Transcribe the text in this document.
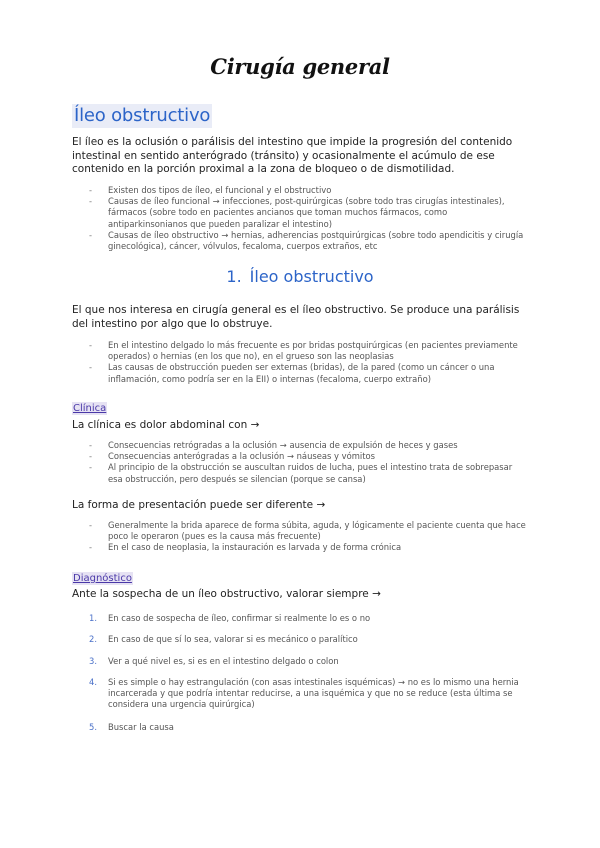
Cirugía general
Íleo obstructivo

El íleo es la oclusión o parálisis del intestino que impide la progresión del contenido intestinal en sentido anterógrado (tránsito) y ocasionalmente el acúmulo de ese contenido en la porción proximal a la zona de bloqueo o de dismotilidad.

- Existen dos tipos de íleo, el funcional y el obstructivo
- Causas de íleo funcional → infecciones, post-quirúrgicas (sobre todo tras cirugías intestinales), fármacos (sobre todo en pacientes ancianos que toman muchos fármacos, como antiparkinsonianos que pueden paralizar el intestino)
- Causas de íleo obstructivo → hernias, adherencias postquirúrgicas (sobre todo apendicitis y cirugía ginecológica), cáncer, vólvulos, fecaloma, cuerpos extraños, etc
1. Íleo obstructivo

El que nos interesa en cirugía general es el íleo obstructivo. Se produce una parálisis del intestino por algo que lo obstruye.

- En el intestino delgado lo más frecuente es por bridas postquirúrgicas (en pacientes previamente operados) o hernias (en los que no), en el grueso son las neoplasias
- Las causas de obstrucción pueden ser externas (bridas), de la pared (como un cáncer o una inflamación, como podría ser en la EII) o internas (fecaloma, cuerpo extraño)
Clínica

La clínica es dolor abdominal con →

- Consecuencias retrógradas a la oclusión → ausencia de expulsión de heces y gases
- Consecuencias anterógradas a la oclusión → náuseas y vómitos
- Al principio de la obstrucción se auscultan ruidos de lucha, pues el intestino trata de sobrepasar esa obstrucción, pero después se silencian (porque se cansa)

La forma de presentación puede ser diferente →

- Generalmente la brida aparece de forma súbita, aguda, y lógicamente el paciente cuenta que hace poco le operaron (pues es la causa más frecuente)
- En el caso de neoplasia, la instauración es larvada y de forma crónica
Diagnóstico

Ante la sospecha de un íleo obstructivo, valorar siempre →

1. En caso de sospecha de íleo, confirmar si realmente lo es o no
2. En caso de que sí lo sea, valorar si es mecánico o paralítico
3. Ver a qué nivel es, si es en el intestino delgado o colon
4. Si es simple o hay estrangulación (con asas intestinales isquémicas) → no es lo mismo una hernia incarcerada y que podría intentar reducirse, a una isquémica y que no se reduce (esta última se considera una urgencia quirúrgica)
5. Buscar la causa
